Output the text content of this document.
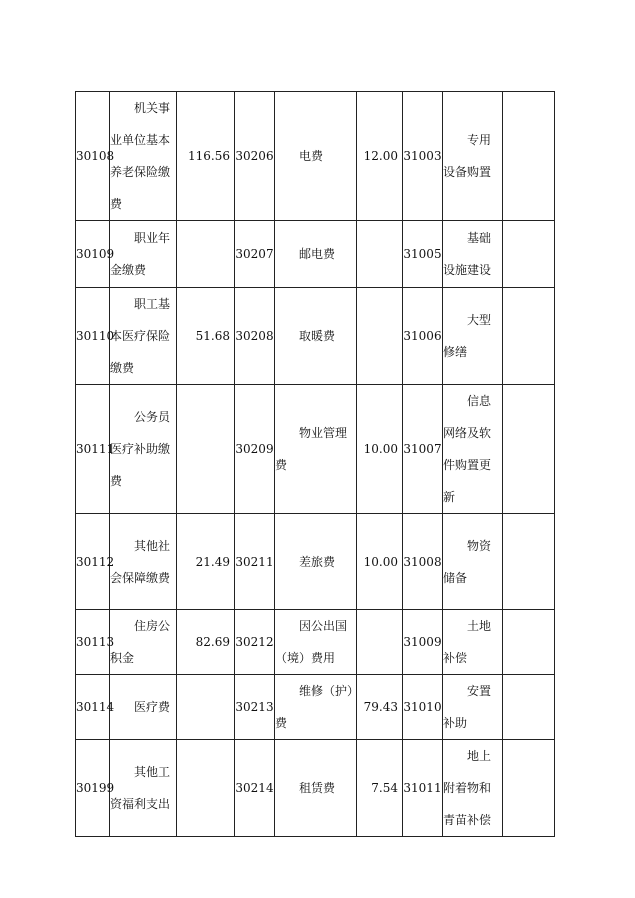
30108	机关事业单位基本养老保险缴费	116.56	30206	电费	12.00	31003	专用设备购置	

30109	职业年金缴费		30207	邮电费		31005	基础设施建设	

30110	职工基本医疗保险缴费	51.68	30208	取暖费		31006	大型修缮	

30111	公务员医疗补助缴费		30209	物业管理费	10.00	31007	信息网络及软件购置更新	

30112	其他社会保障缴费	21.49	30211	差旅费	10.00	31008	物资储备	

30113	住房公积金	82.69	30212	因公出国（境）费用		31009	土地补偿	

30114	医疗费		30213	维修（护）费	79.43	31010	安置补助	

30199	其他工资福利支出		30214	租赁费	7.54	31011	地上附着物和青苗补偿	
